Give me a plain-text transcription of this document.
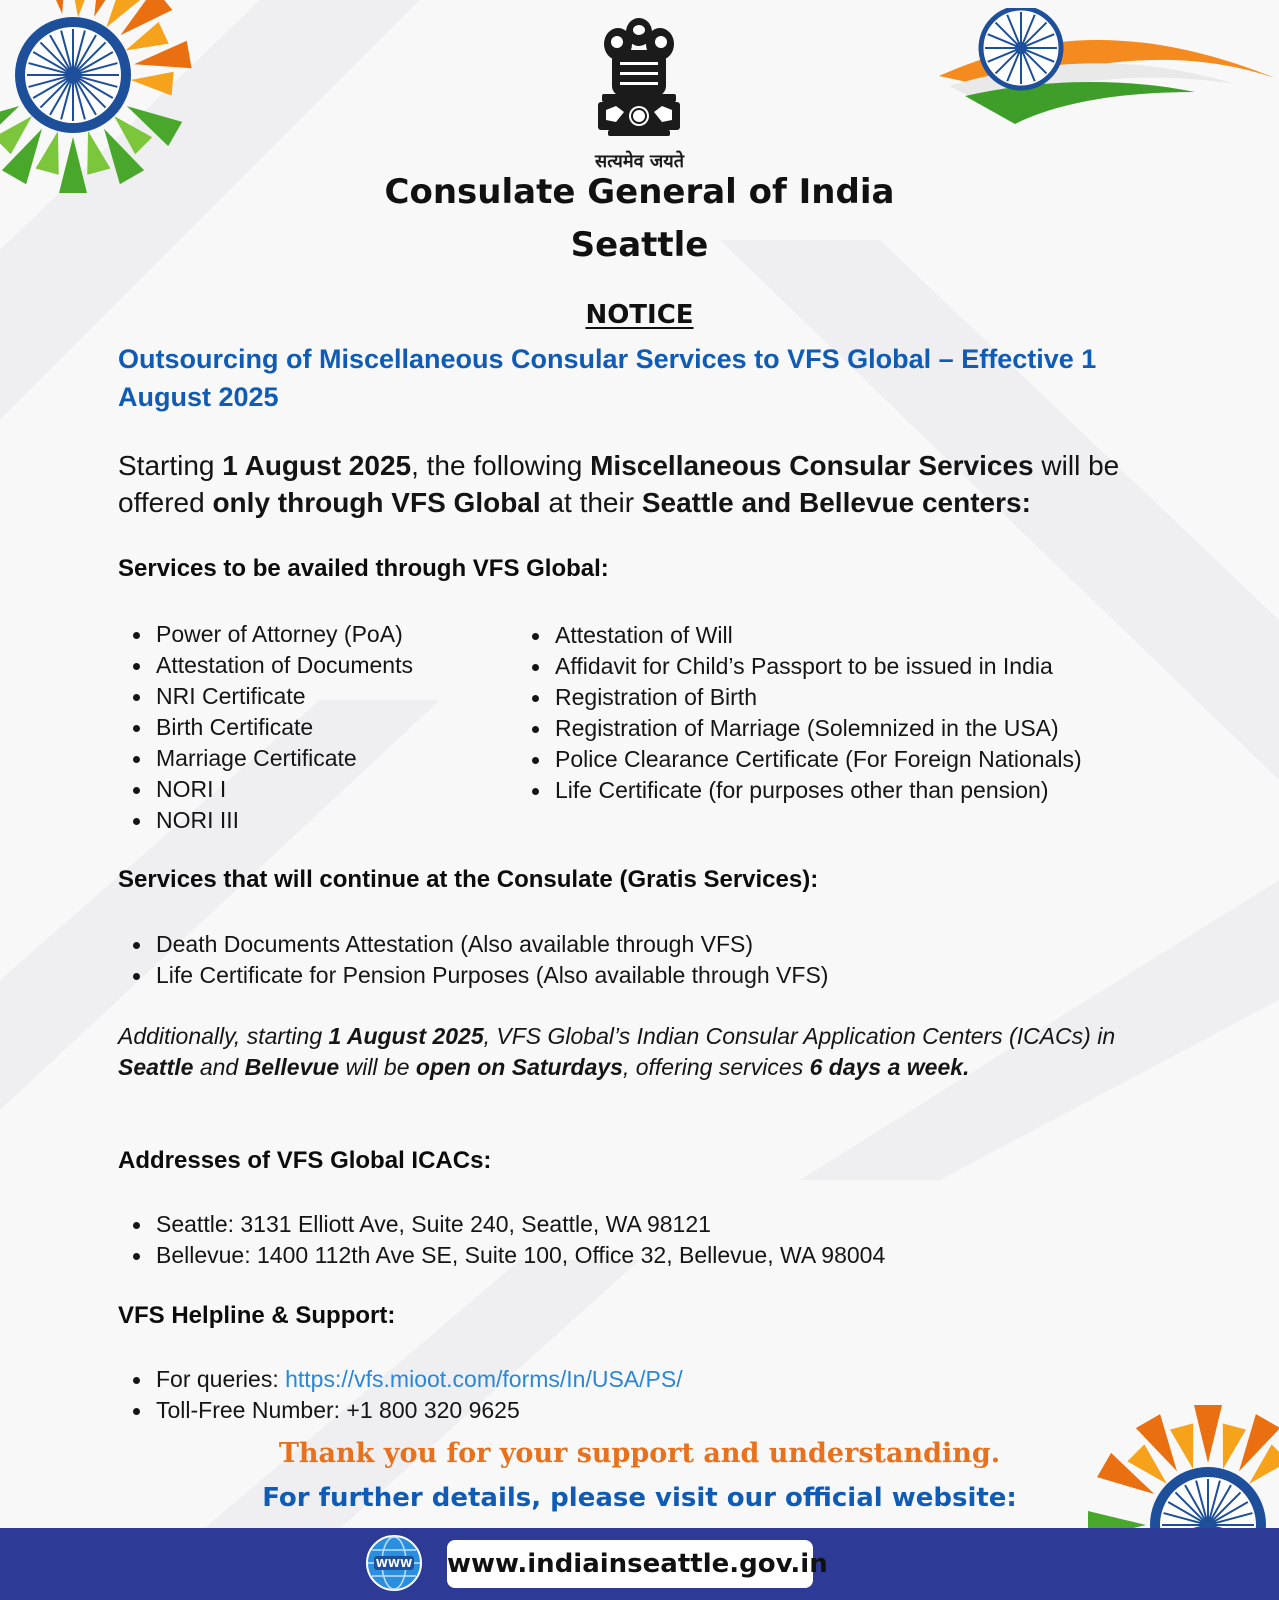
सत्यमेव जयते
Consulate General of India
Seattle
NOTICE
Outsourcing of Miscellaneous Consular Services to VFS Global – Effective 1
August 2025

Starting 1 August 2025, the following Miscellaneous Consular Services will be offered only through VFS Global at their Seattle and Bellevue centers:

Services to be availed through VFS Global:
Power of Attorney (PoA)
Attestation of Documents
NRI Certificate
Birth Certificate
Marriage Certificate
NORI I
NORI III
Attestation of Will
Affidavit for Child’s Passport to be issued in India
Registration of Birth
Registration of Marriage (Solemnized in the USA)
Police Clearance Certificate (For Foreign Nationals)
Life Certificate (for purposes other than pension)
Services that will continue at the Consulate (Gratis Services):
Death Documents Attestation (Also available through VFS)
Life Certificate for Pension Purposes (Also available through VFS)

Additionally, starting 1 August 2025, VFS Global’s Indian Consular Application Centers (ICACs) in Seattle and Bellevue will be open on Saturdays, offering services 6 days a week.

Addresses of VFS Global ICACs:
Seattle: 3131 Elliott Ave, Suite 240, Seattle, WA 98121
Bellevue: 1400 112th Ave SE, Suite 100, Office 32, Bellevue, WA 98004
VFS Helpline & Support:
For queries: https://vfs.mioot.com/forms/In/USA/PS/
Toll-Free Number: +1 800 320 9625
Thank you for your support and understanding.
For further details, please visit our official website:
WWW www.indiainseattle.gov.in
